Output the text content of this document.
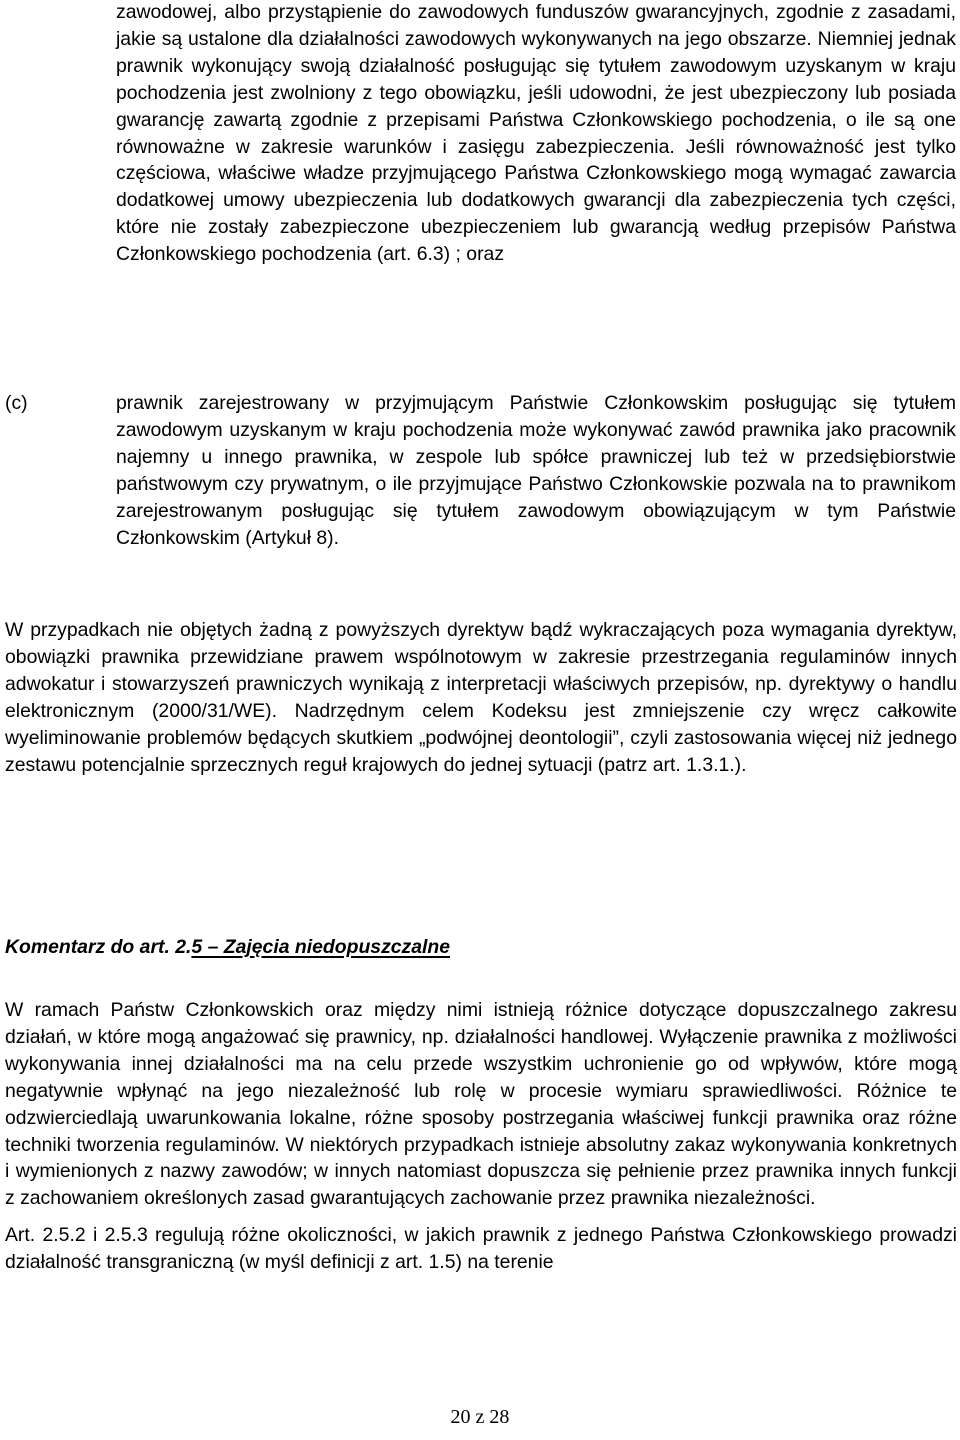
zawodowej, albo przystąpienie do zawodowych funduszów gwarancyjnych, zgodnie z zasadami, jakie są ustalone dla działalności zawodowych wykonywanych na jego obszarze. Niemniej jednak prawnik wykonujący swoją działalność posługując się tytułem zawodowym uzyskanym w kraju pochodzenia jest zwolniony z tego obowiązku, jeśli udowodni, że jest ubezpieczony lub posiada gwarancję zawartą zgodnie z przepisami Państwa Członkowskiego pochodzenia, o ile są one równoważne w zakresie warunków i zasięgu zabezpieczenia. Jeśli równoważność jest tylko częściowa, właściwe władze przyjmującego Państwa Członkowskiego mogą wymagać zawarcia dodatkowej umowy ubezpieczenia lub dodatkowych gwarancji dla zabezpieczenia tych części, które nie zostały zabezpieczone ubezpieczeniem lub gwarancją według przepisów Państwa Członkowskiego pochodzenia (art. 6.3) ; oraz

(c)	prawnik zarejestrowany w przyjmującym Państwie Członkowskim posługując się tytułem zawodowym uzyskanym w kraju pochodzenia może wykonywać zawód prawnika jako pracownik najemny u innego prawnika, w zespole lub spółce prawniczej lub też w przedsiębiorstwie państwowym czy prywatnym, o ile przyjmujące Państwo Członkowskie pozwala na to prawnikom zarejestrowanym posługując się tytułem zawodowym obowiązującym w tym Państwie Członkowskim (Artykuł 8).

W przypadkach nie objętych żadną z powyższych dyrektyw bądź wykraczających poza wymagania dyrektyw, obowiązki prawnika przewidziane prawem wspólnotowym w zakresie przestrzegania regulaminów innych adwokatur i stowarzyszeń prawniczych wynikają z interpretacji właściwych przepisów, np. dyrektywy o handlu elektronicznym (2000/31/WE). Nadrzędnym celem Kodeksu jest zmniejszenie czy wręcz całkowite wyeliminowanie problemów będących skutkiem „podwójnej deontologii”, czyli zastosowania więcej niż jednego zestawu potencjalnie sprzecznych reguł krajowych do jednej sytuacji (patrz art. 1.3.1.).

Komentarz do art. 2.5 – Zajęcia niedopuszczalne

W ramach Państw Członkowskich oraz między nimi istnieją różnice dotyczące dopuszczalnego zakresu działań, w które mogą angażować się prawnicy, np. działalności handlowej. Wyłączenie prawnika z możliwości wykonywania innej działalności ma na celu przede wszystkim uchronienie go od wpływów, które mogą negatywnie wpłynąć na jego niezależność lub rolę w procesie wymiaru sprawiedliwości. Różnice te odzwierciedlają uwarunkowania lokalne, różne sposoby postrzegania właściwej funkcji prawnika oraz różne techniki tworzenia regulaminów. W niektórych przypadkach istnieje absolutny zakaz wykonywania konkretnych i wymienionych z nazwy zawodów; w innych natomiast dopuszcza się pełnienie przez prawnika innych funkcji z zachowaniem określonych zasad gwarantujących zachowanie przez prawnika niezależności.

Art. 2.5.2 i 2.5.3 regulują różne okoliczności, w jakich prawnik z jednego Państwa Członkowskiego prowadzi działalność transgraniczną (w myśl definicji z art. 1.5) na terenie

20 z 28
